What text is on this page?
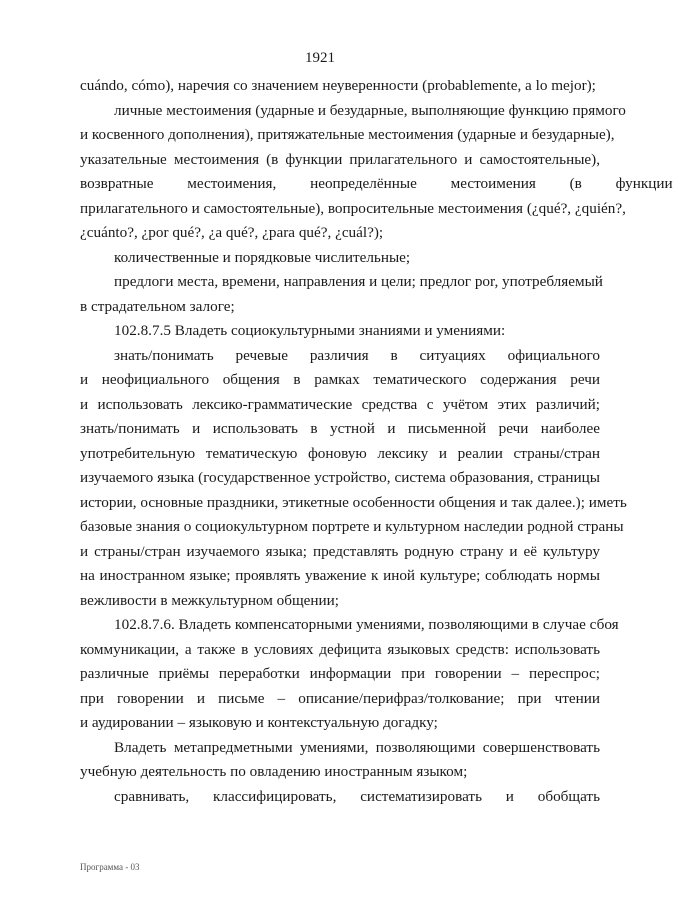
1921
cuándo, cómo), наречия со значением неуверенности (probablemente, a lo mejor);
личные местоимения (ударные и безударные, выполняющие функцию прямого
и косвенного дополнения), притяжательные местоимения (ударные и безударные),
указательные местоимения (в функции прилагательного и самостоятельные),
возвратные местоимения, неопределённые местоимения (в функции
прилагательного и самостоятельные), вопросительные местоимения (¿qué?, ¿quién?,
¿cuánto?, ¿por qué?, ¿a qué?, ¿para qué?, ¿cuál?);
количественные и порядковые числительные;
предлоги места, времени, направления и цели; предлог por, употребляемый
в страдательном залоге;
102.8.7.5 Владеть социокультурными знаниями и умениями:
знать/понимать речевые различия в ситуациях официального
и неофициального общения в рамках тематического содержания речи
и использовать лексико-грамматические средства с учётом этих различий;
знать/понимать и использовать в устной и письменной речи наиболее
употребительную тематическую фоновую лексику и реалии страны/стран
изучаемого языка (государственное устройство, система образования, страницы
истории, основные праздники, этикетные особенности общения и так далее.); иметь
базовые знания о социокультурном портрете и культурном наследии родной страны
и страны/стран изучаемого языка; представлять родную страну и её культуру
на иностранном языке; проявлять уважение к иной культуре; соблюдать нормы
вежливости в межкультурном общении;
102.8.7.6. Владеть компенсаторными умениями, позволяющими в случае сбоя
коммуникации, а также в условиях дефицита языковых средств: использовать
различные приёмы переработки информации при говорении – переспрос;
при говорении и письме – описание/перифраз/толкование; при чтении
и аудировании – языковую и контекстуальную догадку;
Владеть метапредметными умениями, позволяющими совершенствовать
учебную деятельность по овладению иностранным языком;
сравнивать, классифицировать, систематизировать и обобщать
Программа - 03
